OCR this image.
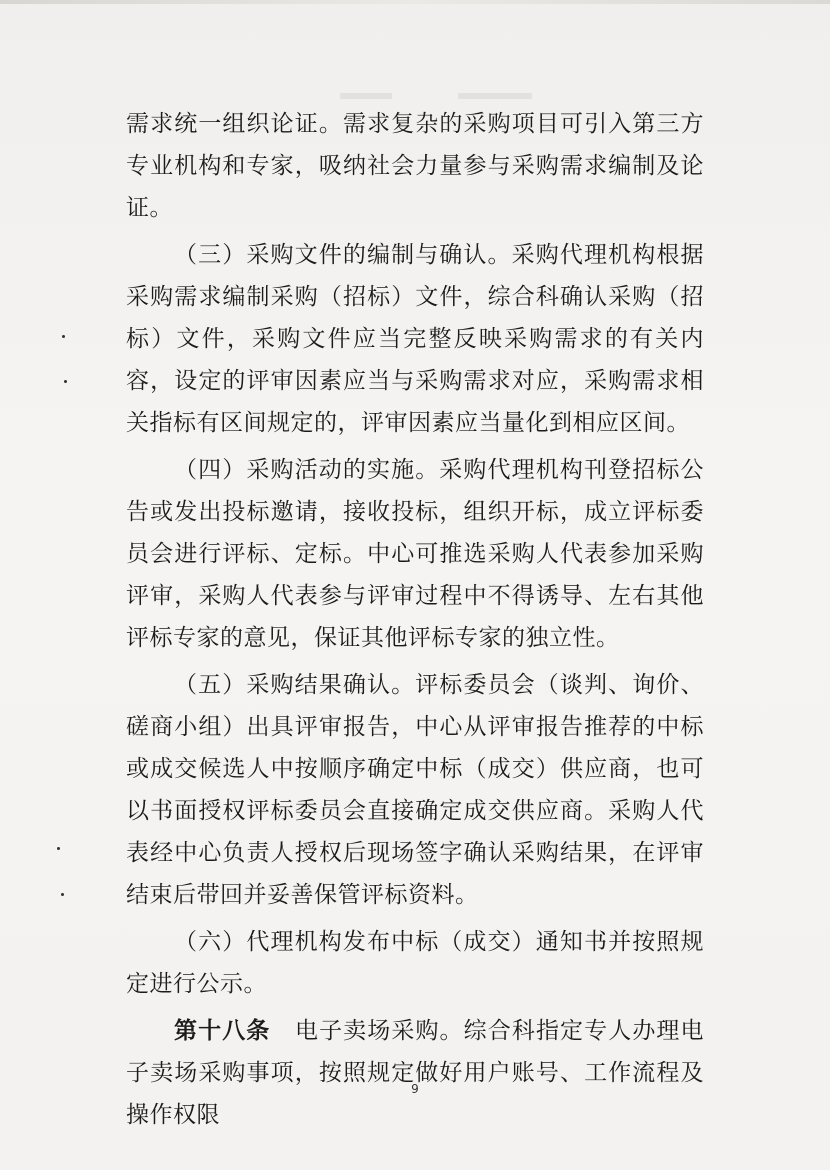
需求统一组织论证。需求复杂的采购项目可引入第三方专业机构和专家，吸纳社会力量参与采购需求编制及论证。

（三）采购文件的编制与确认。采购代理机构根据采购需求编制采购（招标）文件，综合科确认采购（招标）文件，采购文件应当完整反映采购需求的有关内容，设定的评审因素应当与采购需求对应，采购需求相关指标有区间规定的，评审因素应当量化到相应区间。

（四）采购活动的实施。采购代理机构刊登招标公告或发出投标邀请，接收投标，组织开标，成立评标委员会进行评标、定标。中心可推选采购人代表参加采购评审，采购人代表参与评审过程中不得诱导、左右其他评标专家的意见，保证其他评标专家的独立性。

（五）采购结果确认。评标委员会（谈判、询价、磋商小组）出具评审报告，中心从评审报告推荐的中标或成交候选人中按顺序确定中标（成交）供应商，也可以书面授权评标委员会直接确定成交供应商。采购人代表经中心负责人授权后现场签字确认采购结果，在评审结束后带回并妥善保管评标资料。

（六）代理机构发布中标（成交）通知书并按照规定进行公示。

第十八条 电子卖场采购。综合科指定专人办理电子卖场采购事项，按照规定做好用户账号、工作流程及操作权限

9
